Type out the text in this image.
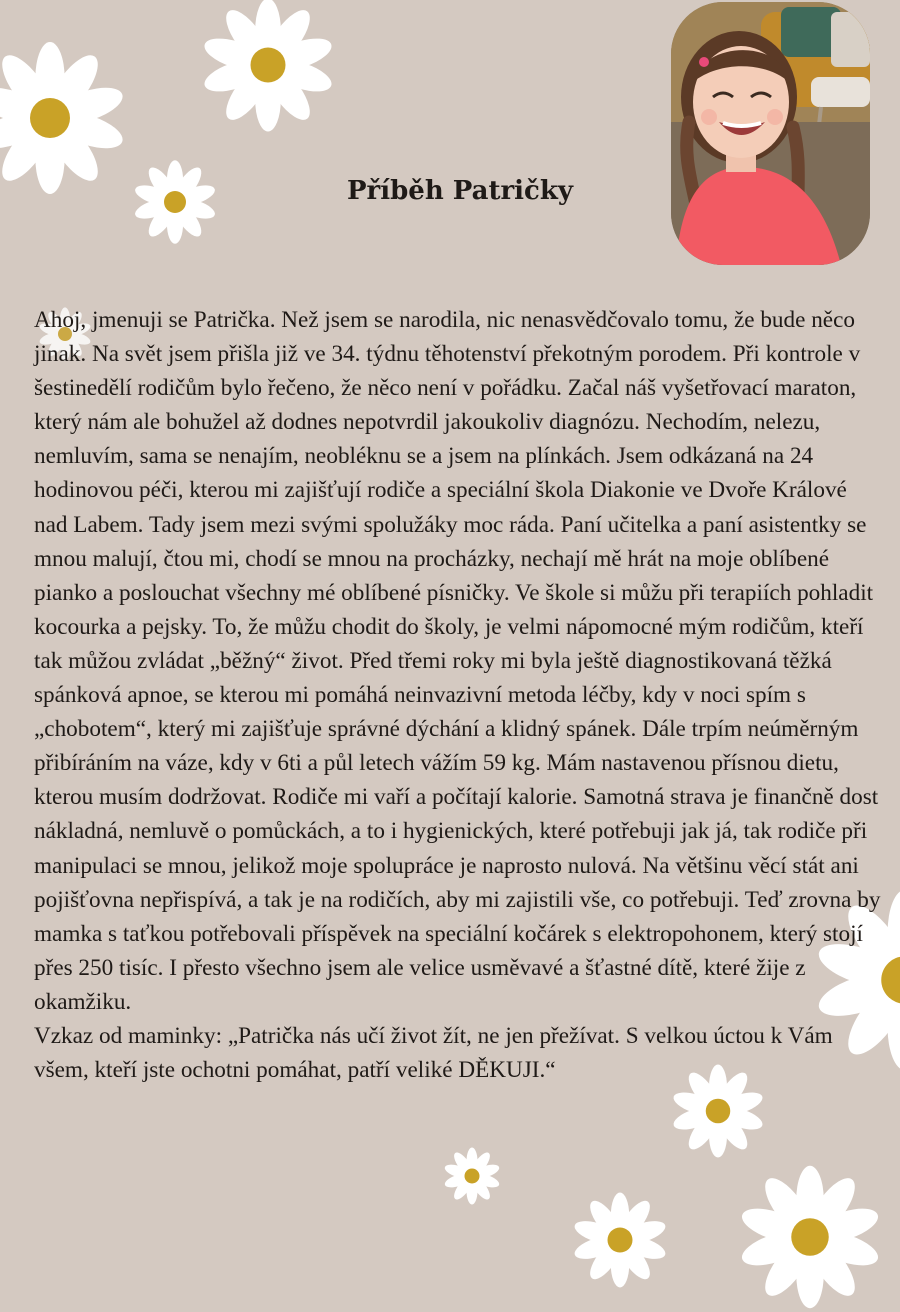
Příběh Patričky

Ahoj, jmenuji se Patrička. Než jsem se narodila, nic nenasvědčovalo tomu, že bude něco jinak. Na svět jsem přišla již ve 34. týdnu těhotenství překotným porodem. Při kontrole v šestinedělí rodičům bylo řečeno, že něco není v pořádku. Začal náš vyšetřovací maraton, který nám ale bohužel až dodnes nepotvrdil jakoukoliv diagnózu. Nechodím, nelezu, nemluvím, sama se nenajím, neobléknu se a jsem na plínkách. Jsem odkázaná na 24 hodinovou péči, kterou mi zajišťují rodiče a speciální škola Diakonie ve Dvoře Králové nad Labem. Tady jsem mezi svými spolužáky moc ráda. Paní učitelka a paní asistentky se mnou malují, čtou mi, chodí se mnou na procházky, nechají mě hrát na moje oblíbené pianko a poslouchat všechny mé oblíbené písničky. Ve škole si můžu při terapiích pohladit kocourka a pejsky. To, že můžu chodit do školy, je velmi nápomocné mým rodičům, kteří tak můžou zvládat „běžný“ život. Před třemi roky mi byla ještě diagnostikovaná těžká spánková apnoe, se kterou mi pomáhá neinvazivní metoda léčby, kdy v noci spím s „chobotem“, který mi zajišťuje správné dýchání a klidný spánek. Dále trpím neúměrným přibíráním na váze, kdy v 6ti a půl letech vážím 59 kg. Mám nastavenou přísnou dietu, kterou musím dodržovat. Rodiče mi vaří a počítají kalorie. Samotná strava je finančně dost nákladná, nemluvě o pomůckách, a to i hygienických, které potřebuji jak já, tak rodiče při manipulaci se mnou, jelikož moje spolupráce je naprosto nulová. Na většinu věcí stát ani pojišťovna nepřispívá, a tak je na rodičích, aby mi zajistili vše, co potřebuji. Teď zrovna by mamka s taťkou potřebovali příspěvek na speciální kočárek s elektropohonem, který stojí přes 250 tisíc. I přesto všechno jsem ale velice usměvavé a šťastné dítě, které žije z okamžiku.

Vzkaz od maminky: „Patrička nás učí život žít, ne jen přežívat. S velkou úctou k Vám všem, kteří jste ochotni pomáhat, patří veliké DĚKUJI.“
